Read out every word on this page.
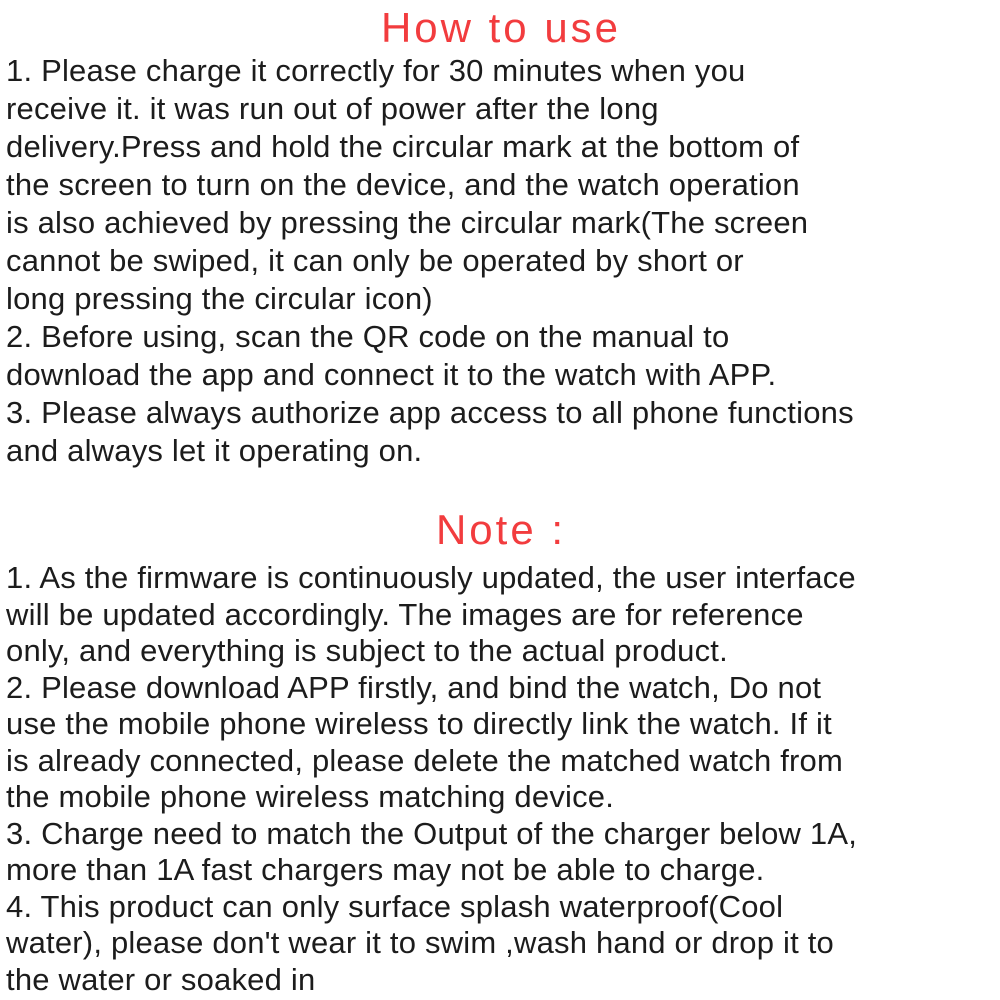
How to use
1. Please charge it correctly for 30 minutes when you
receive it. it was run out of power after the long
delivery.Press and hold the circular mark at the bottom of
the screen to turn on the device, and the watch operation
is also achieved by pressing the circular mark(The screen
cannot be swiped, it can only be operated by short or
long pressing the circular icon)
2. Before using, scan the QR code on the manual to
download the app and connect it to the watch with APP.
3. Please always authorize app access to all phone functions
and always let it operating on.
Note :
1. As the firmware is continuously updated, the user interface
will be updated accordingly. The images are for reference
only, and everything is subject to the actual product.
2. Please download APP firstly, and bind the watch, Do not
use the mobile phone wireless to directly link the watch. If it
is already connected, please delete the matched watch from
the mobile phone wireless matching device.
3. Charge need to match the Output of the charger below 1A,
more than 1A fast chargers may not be able to charge.
4. This product can only surface splash waterproof(Cool
water), please don't wear it to swim ,wash hand or drop it to
the water or soaked in
